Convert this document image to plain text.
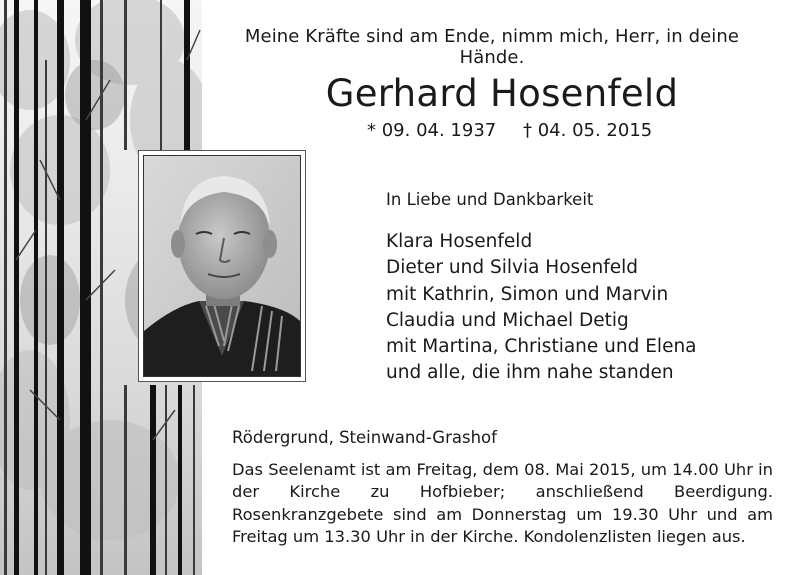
Meine Kräfte sind am Ende, nimm mich, Herr, in deine Hände.
Gerhard Hosenfeld
* 09. 04. 1937 † 04. 05. 2015
In Liebe und Dankbarkeit
Klara Hosenfeld
Dieter und Silvia Hosenfeld
mit Kathrin, Simon und Marvin
Claudia und Michael Detig
mit Martina, Christiane und Elena
und alle, die ihm nahe standen
Rödergrund, Steinwand-Grashof
Das Seelenamt ist am Freitag, dem 08. Mai 2015, um 14.00 Uhr in der Kirche zu Hofbieber; anschließend Beerdigung. Rosenkranzgebete sind am Donnerstag um 19.30 Uhr und am Freitag um 13.30 Uhr in der Kirche. Kondolenzlisten liegen aus.
